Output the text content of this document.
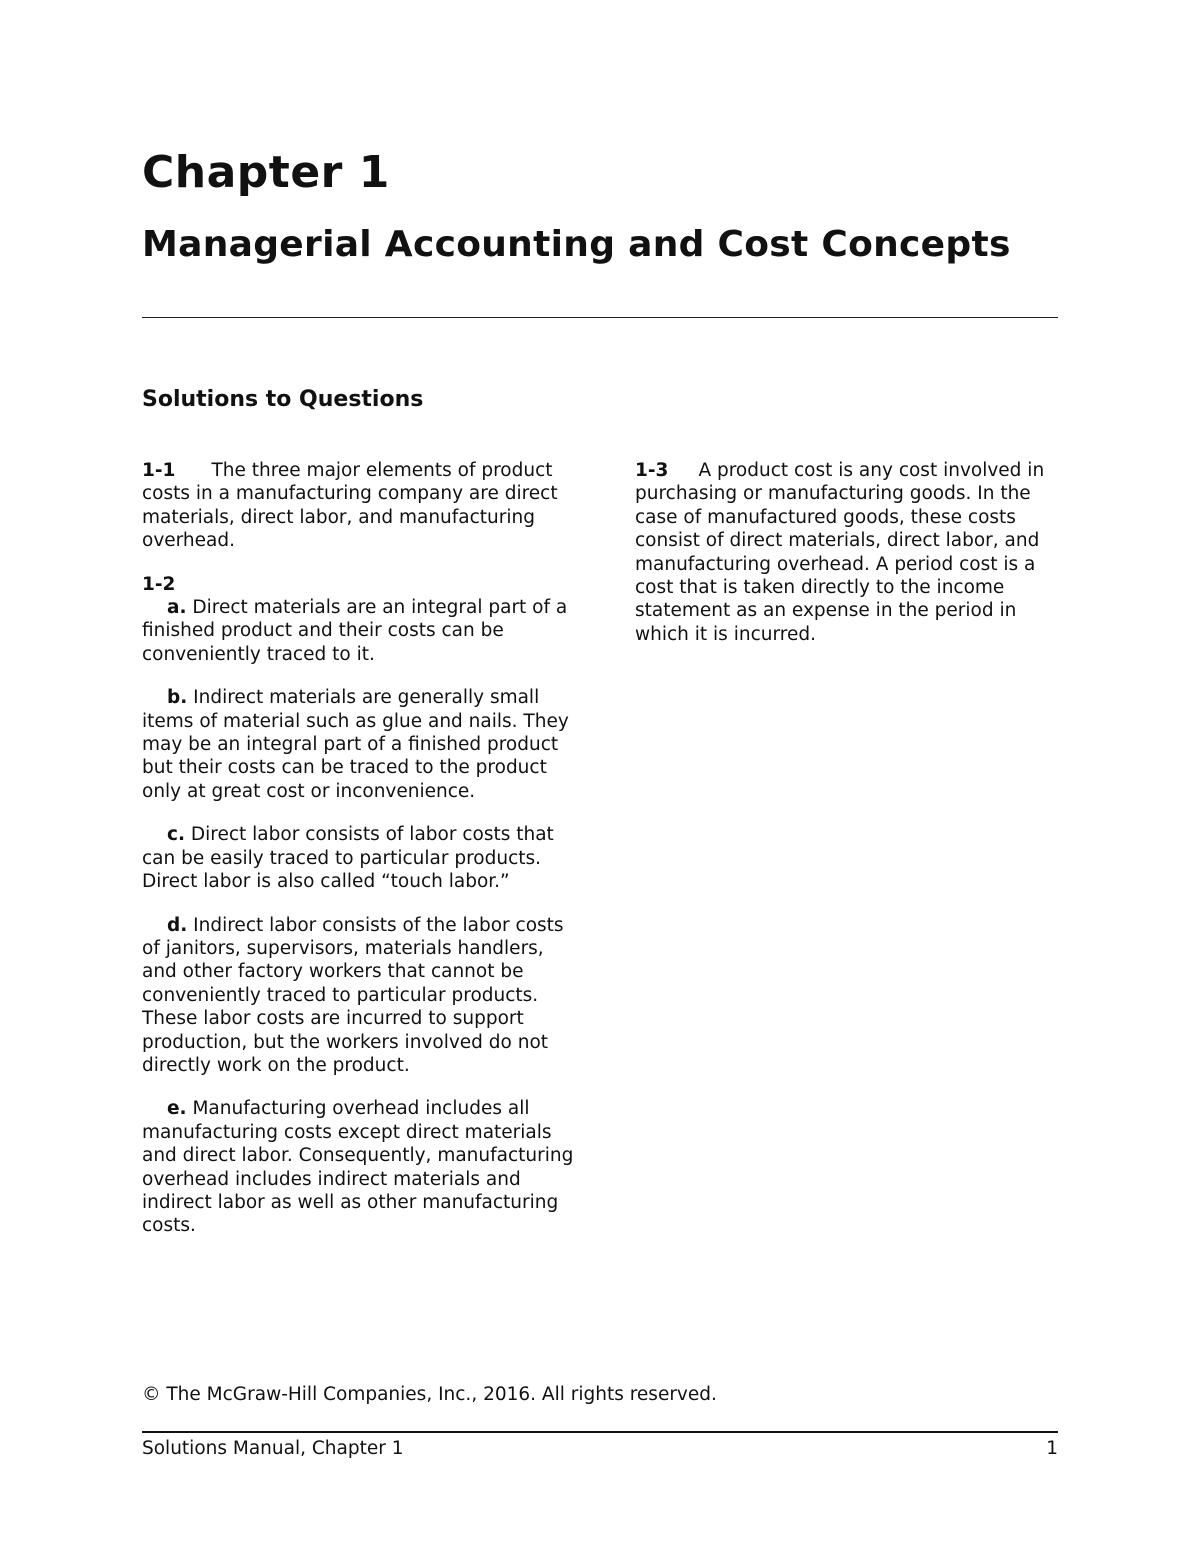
Chapter 1
Managerial Accounting and Cost Concepts
Solutions to Questions

1-1 The three major elements of product costs in a manufacturing company are direct materials, direct labor, and manufacturing overhead.

1-2

a. Direct materials are an integral part of a finished product and their costs can be conveniently traced to it.

b. Indirect materials are generally small items of material such as glue and nails. They may be an integral part of a finished product but their costs can be traced to the product only at great cost or inconvenience.

c. Direct labor consists of labor costs that can be easily traced to particular products. Direct labor is also called “touch labor.”

d. Indirect labor consists of the labor costs of janitors, supervisors, materials handlers, and other factory workers that cannot be conveniently traced to particular products. These labor costs are incurred to support production, but the workers involved do not directly work on the product.

e. Manufacturing overhead includes all manufacturing costs except direct materials and direct labor. Consequently, manufacturing overhead includes indirect materials and indirect labor as well as other manufacturing costs.

1-3 A product cost is any cost involved in purchasing or manufacturing goods. In the case of manufactured goods, these costs consist of direct materials, direct labor, and manufacturing overhead. A period cost is a cost that is taken directly to the income statement as an expense in the period in which it is incurred.

© The McGraw-Hill Companies, Inc., 2016. All rights reserved.
Solutions Manual, Chapter 1	1
